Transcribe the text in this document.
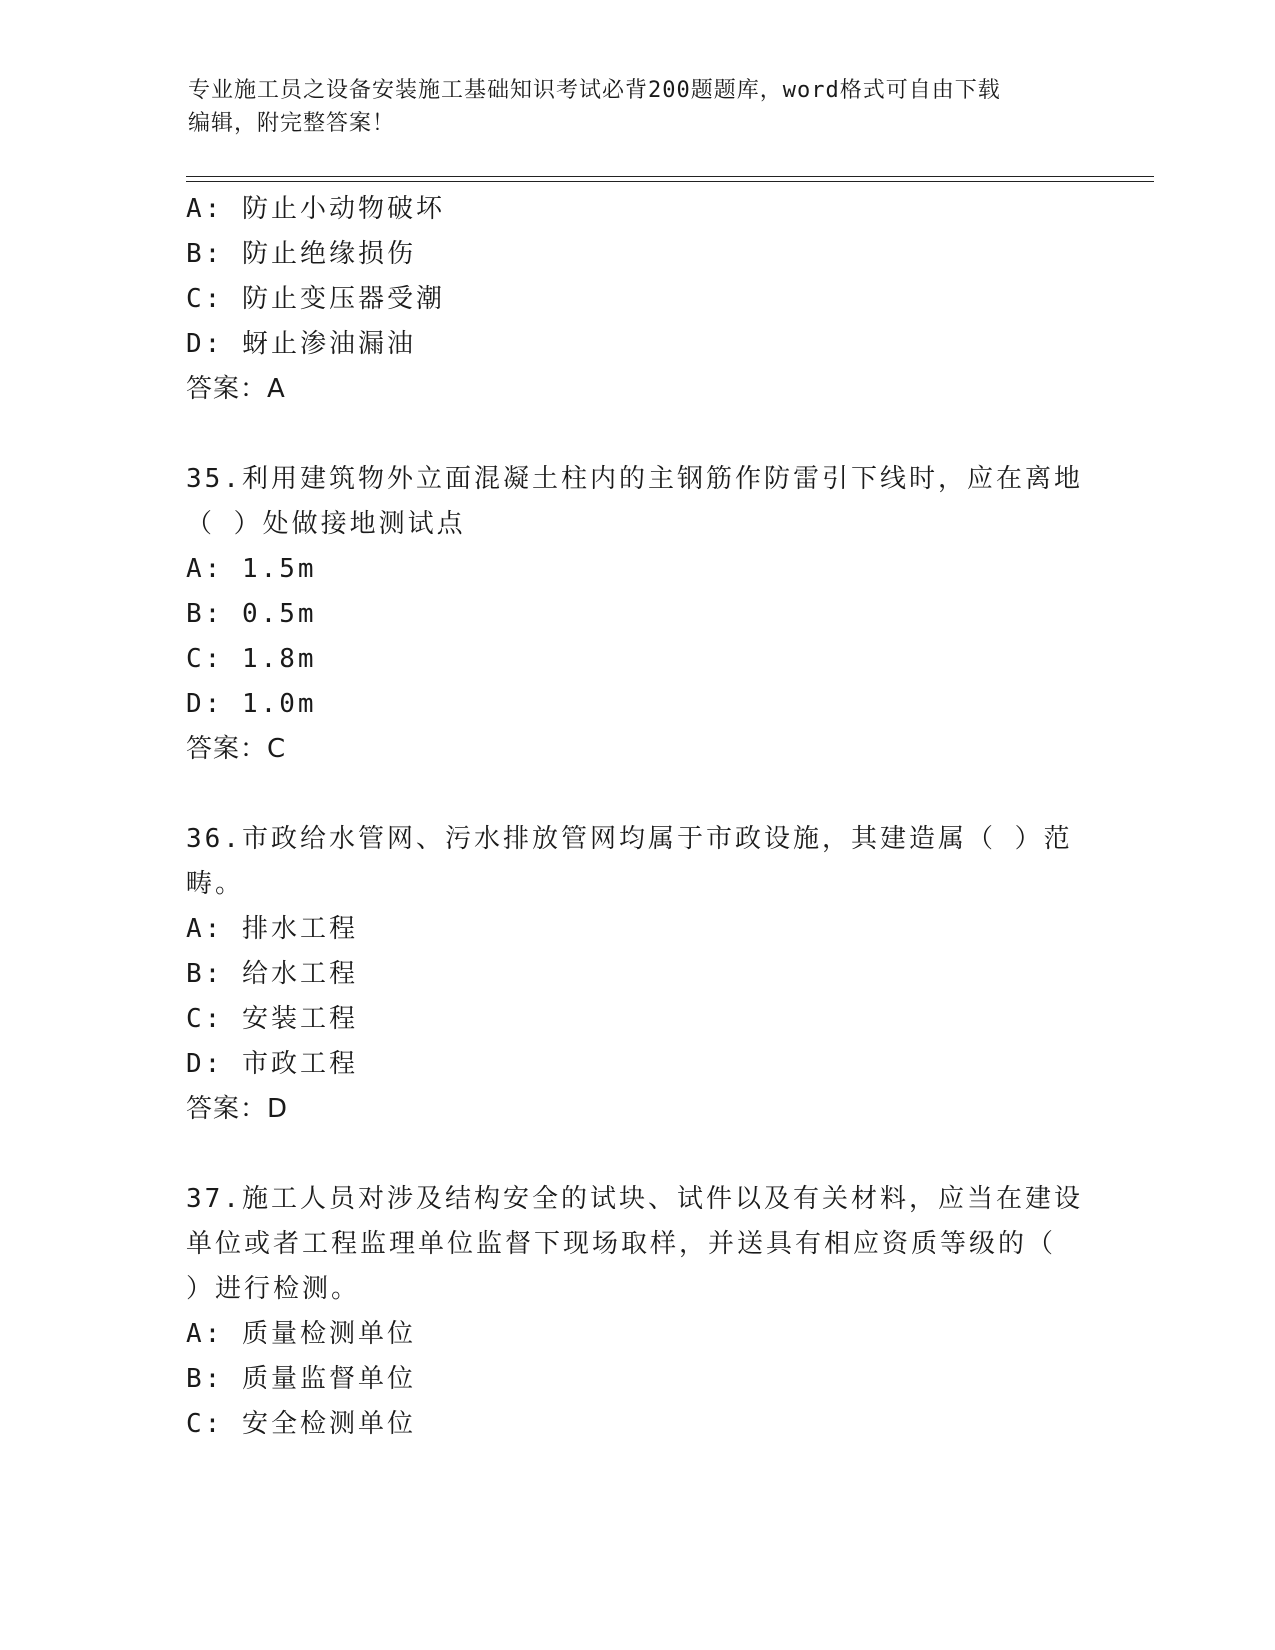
专业施工员之设备安装施工基础知识考试必背200题题库，word格式可自由下载
编辑，附完整答案！
A: 防止小动物破坏
B: 防止绝缘损伤
C: 防止变压器受潮
D: 蚜止渗油漏油
答案：A
35.利用建筑物外立面混凝土柱内的主钢筋作防雷引下线时，应在离地
（ ）处做接地测试点
A: 1.5m
B: 0.5m
C: 1.8m
D: 1.0m
答案：C
36.市政给水管网、污水排放管网均属于市政设施，其建造属（ ）范
畴。
A: 排水工程
B: 给水工程
C: 安装工程
D: 市政工程
答案：D
37.施工人员对涉及结构安全的试块、试件以及有关材料，应当在建设
单位或者工程监理单位监督下现场取样，并送具有相应资质等级的（
）进行检测。
A: 质量检测单位
B: 质量监督单位
C: 安全检测单位
